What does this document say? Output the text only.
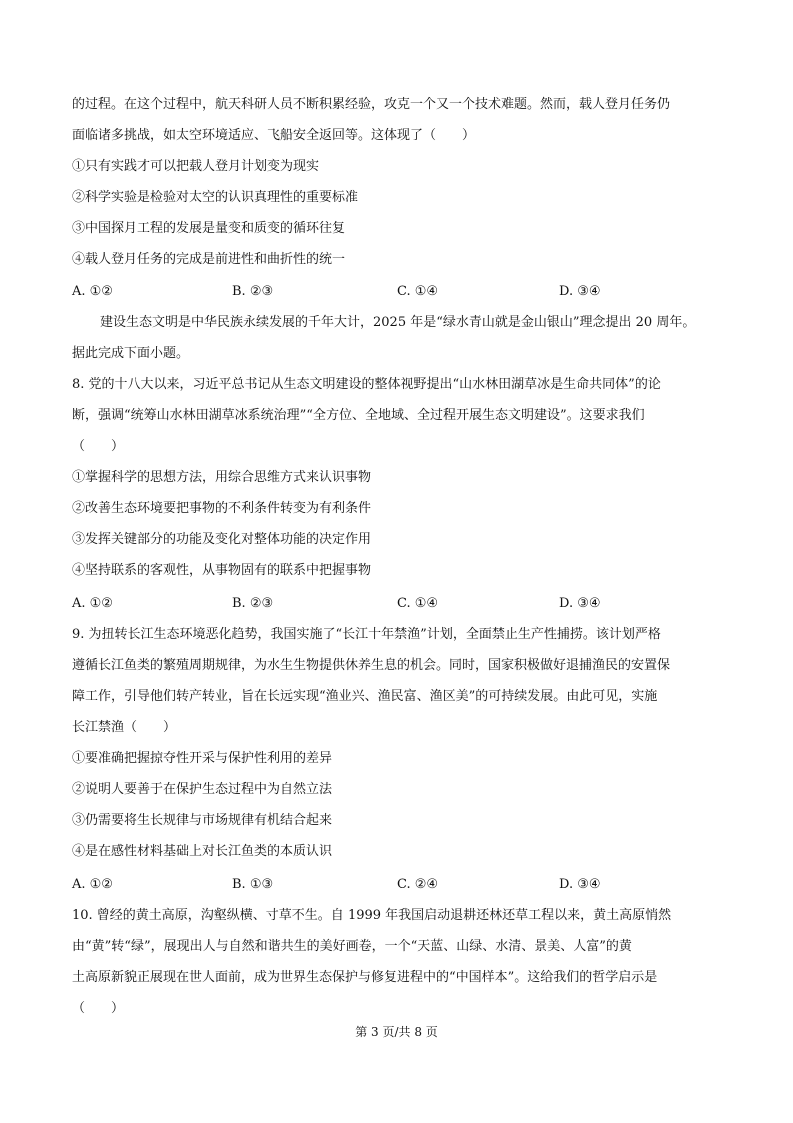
的过程。在这个过程中，航天科研人员不断积累经验，攻克一个又一个技术难题。然而，载人登月任务仍
面临诸多挑战，如太空环境适应、飞船安全返回等。这体现了（　　）
①只有实践才可以把载人登月计划变为现实
②科学实验是检验对太空的认识真理性的重要标准
③中国探月工程的发展是量变和质变的循环往复
④载人登月任务的完成是前进性和曲折性的统一
A. ①②	B. ②③	C. ①④	D. ③④
建设生态文明是中华民族永续发展的千年大计，2025 年是“绿水青山就是金山银山”理念提出 20 周年。
据此完成下面小题。
8. 党的十八大以来，习近平总书记从生态文明建设的整体视野提出“山水林田湖草冰是生命共同体”的论
断，强调“统筹山水林田湖草冰系统治理”“全方位、全地域、全过程开展生态文明建设”。这要求我们
（　　）
①掌握科学的思想方法，用综合思维方式来认识事物
②改善生态环境要把事物的不利条件转变为有利条件
③发挥关键部分的功能及变化对整体功能的决定作用
④坚持联系的客观性，从事物固有的联系中把握事物
A. ①②	B. ②③	C. ①④	D. ③④
9. 为扭转长江生态环境恶化趋势，我国实施了“长江十年禁渔”计划，全面禁止生产性捕捞。该计划严格
遵循长江鱼类的繁殖周期规律，为水生生物提供休养生息的机会。同时，国家积极做好退捕渔民的安置保
障工作，引导他们转产转业，旨在长远实现“渔业兴、渔民富、渔区美”的可持续发展。由此可见，实施
长江禁渔（　　）
①要准确把握掠夺性开采与保护性利用的差异
②说明人要善于在保护生态过程中为自然立法
③仍需要将生长规律与市场规律有机结合起来
④是在感性材料基础上对长江鱼类的本质认识
A. ①②	B. ①③	C. ②④	D. ③④
10. 曾经的黄土高原，沟壑纵横、寸草不生。自 1999 年我国启动退耕还林还草工程以来，黄土高原悄然
由“黄”转“绿”，展现出人与自然和谐共生的美好画卷，一个“天蓝、山绿、水清、景美、人富”的黄
土高原新貌正展现在世人面前，成为世界生态保护与修复进程中的“中国样本”。这给我们的哲学启示是
（　　）
第 3 页/共 8 页
